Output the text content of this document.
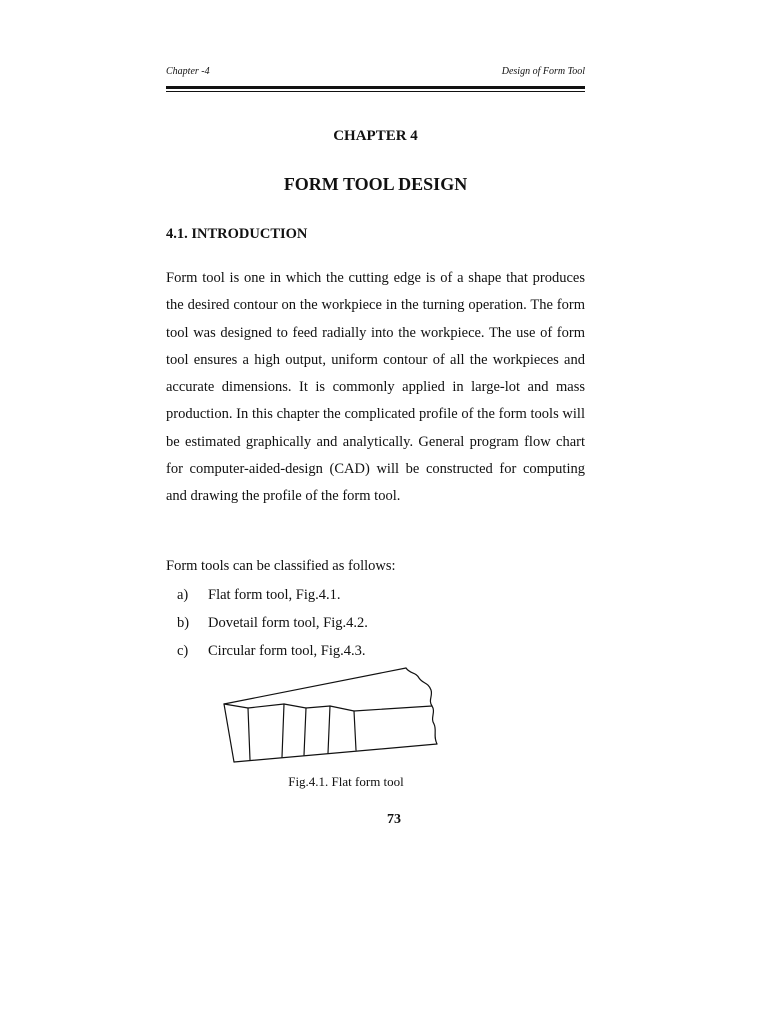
Chapter -4	Design of Form Tool
CHAPTER 4
FORM TOOL DESIGN
4.1. INTRODUCTION

Form tool is one in which the cutting edge is of a shape that produces the desired contour on the workpiece in the turning operation. The form tool was designed to feed radially into the workpiece. The use of form tool ensures a high output, uniform contour of all the workpieces and accurate dimensions. It is commonly applied in large-lot and mass production. In this chapter the complicated profile of the form tools will be estimated graphically and analytically. General program flow chart for computer-aided-design (CAD) will be constructed for computing and drawing the profile of the form tool.

Form tools can be classified as follows:

a) Flat form tool, Fig.4.1.
b) Dovetail form tool, Fig.4.2.
c) Circular form tool, Fig.4.3.
Fig.4.1. Flat form tool
73
